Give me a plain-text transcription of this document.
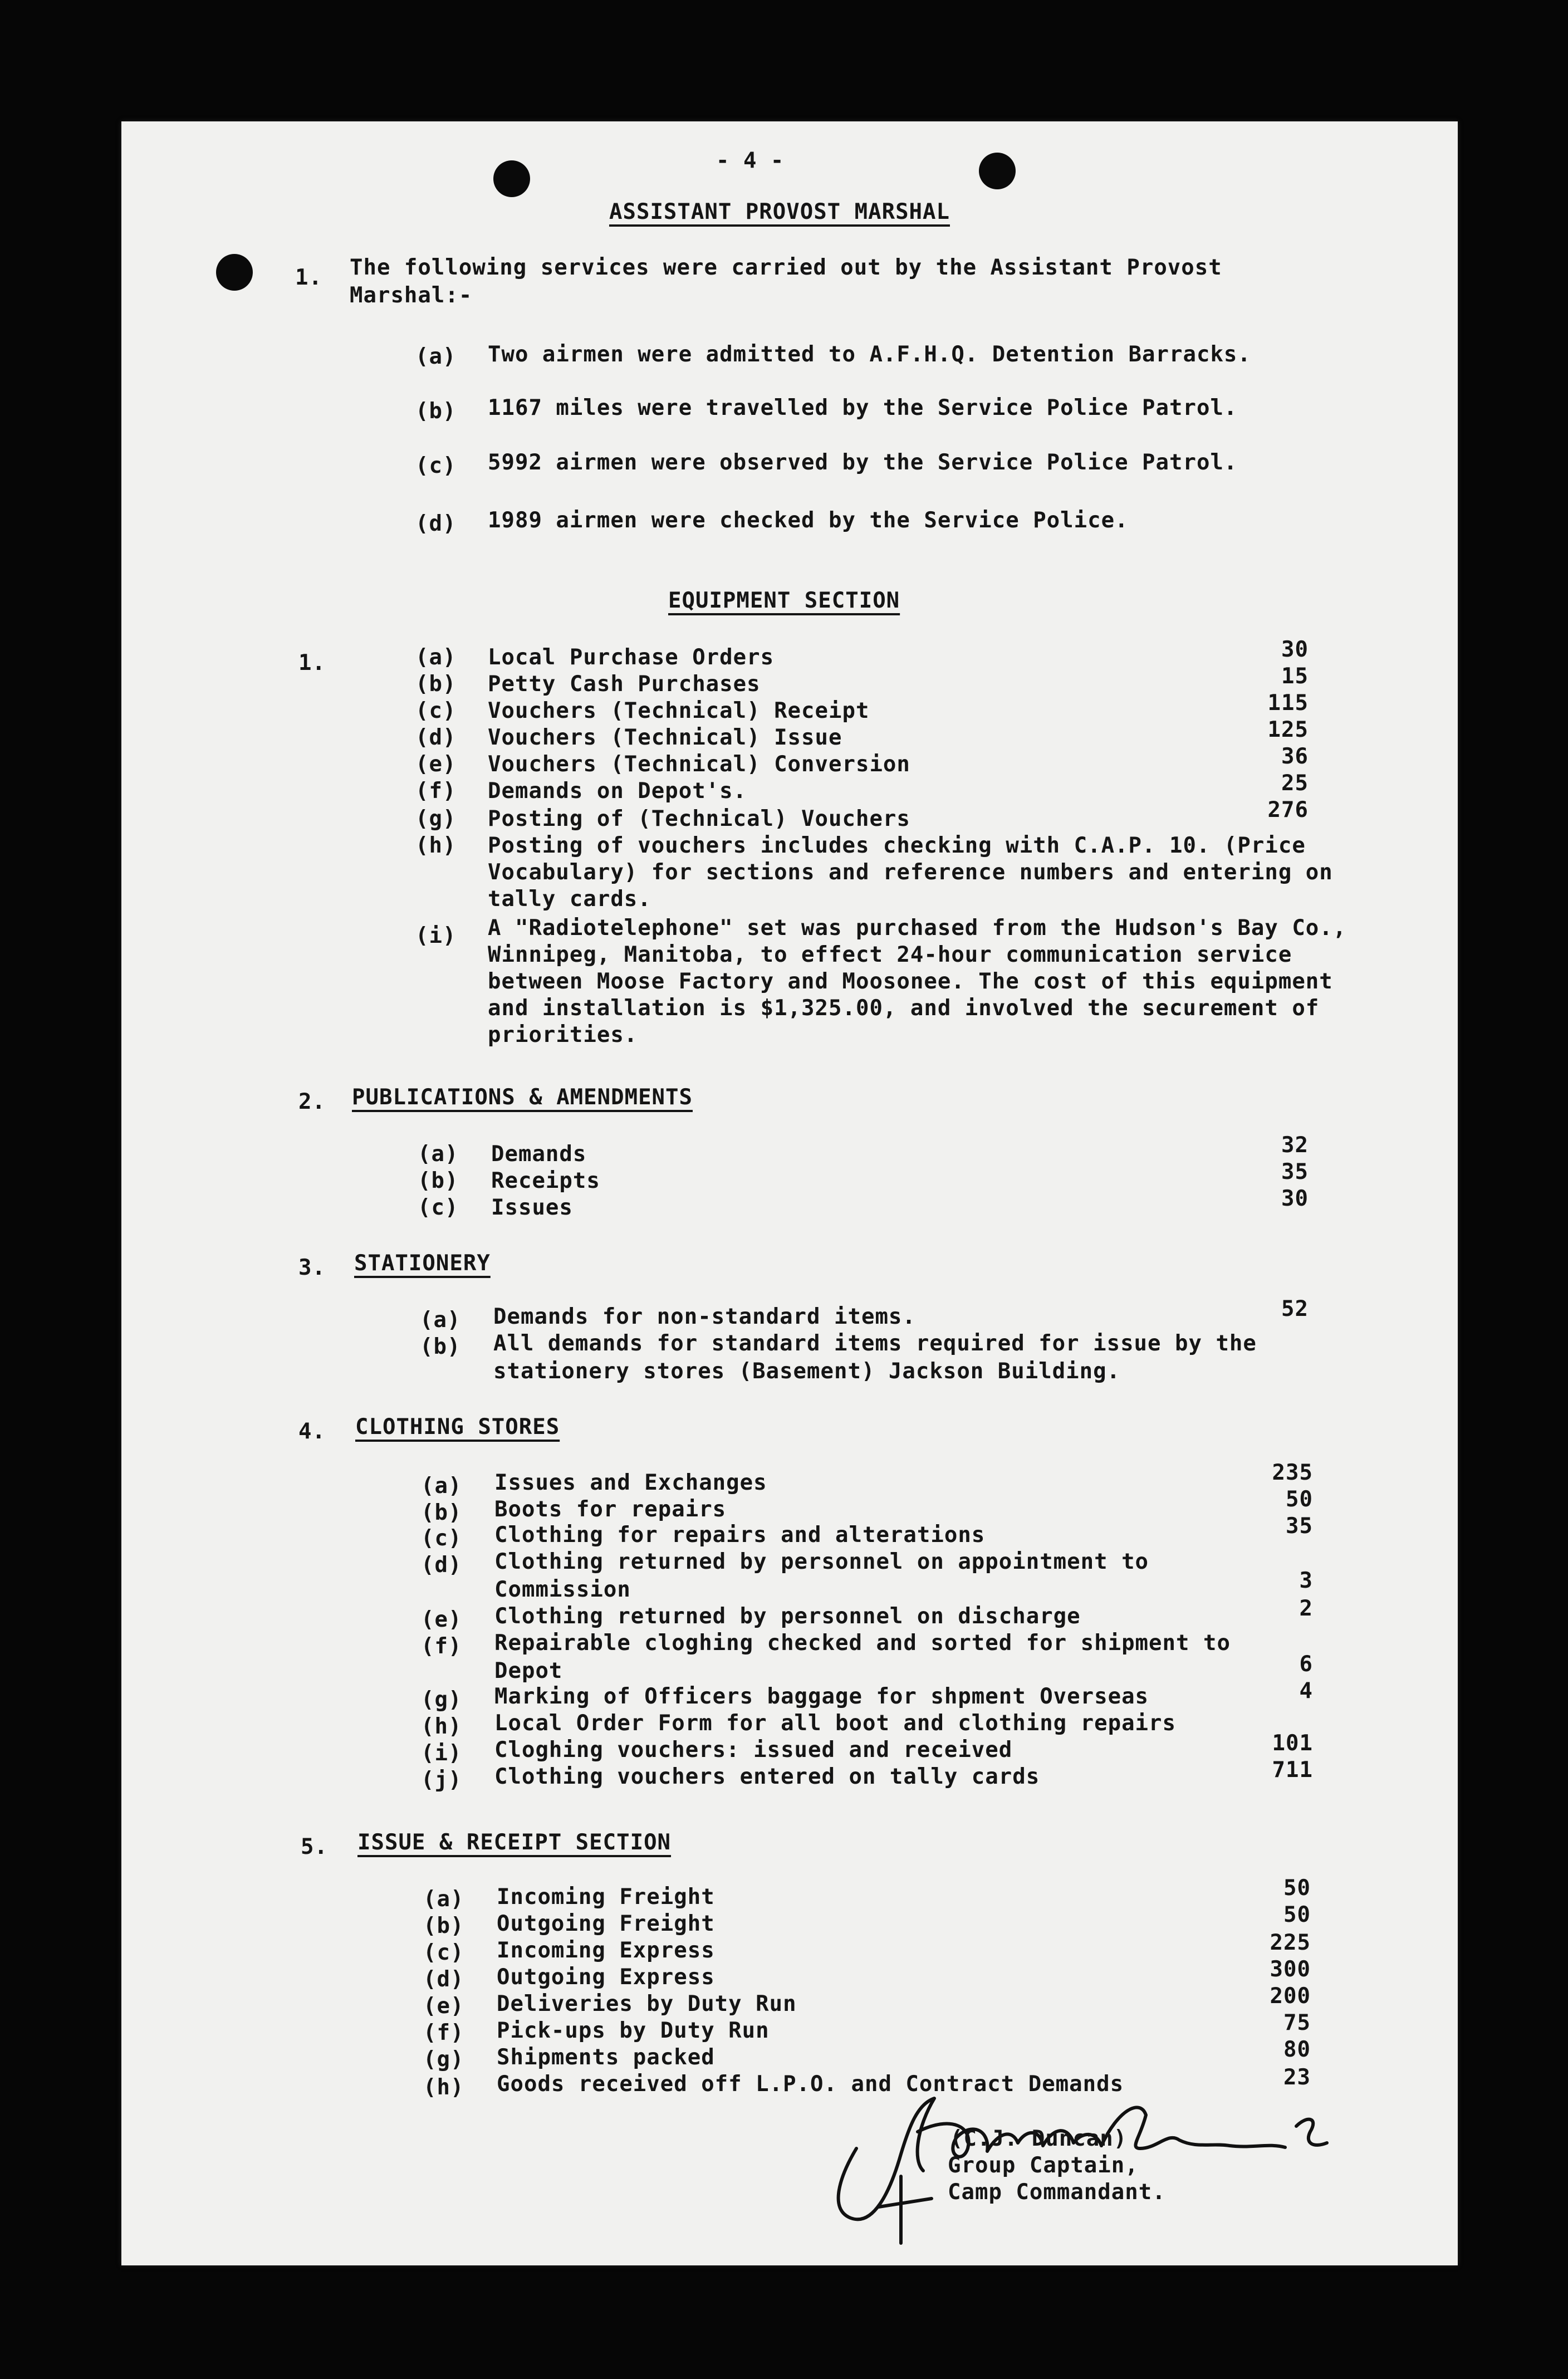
- 4 -
ASSISTANT PROVOST MARSHAL
1. The following services were carried out by the Assistant Provost
Marshal:-
(a) Two airmen were admitted to A.F.H.Q. Detention Barracks.
(b) 1167 miles were travelled by the Service Police Patrol.
(c) 5992 airmen were observed by the Service Police Patrol.
(d) 1989 airmen were checked by the Service Police.
EQUIPMENT SECTION
1.	(a) Local Purchase Orders	30
(b) Petty Cash Purchases	15
(c) Vouchers (Technical) Receipt	115
(d) Vouchers (Technical) Issue	125
(e) Vouchers (Technical) Conversion	36
(f) Demands on Depot's.	25
(g) Posting of (Technical) Vouchers	276
(h) Posting of vouchers includes checking with C.A.P. 10. (Price
Vocabulary) for sections and reference numbers and entering on
tally cards.
(i) A "Radiotelephone" set was purchased from the Hudson's Bay Co.,
Winnipeg, Manitoba, to effect 24-hour communication service
between Moose Factory and Moosonee. The cost of this equipment
and installation is $1,325.00, and involved the securement of
priorities.
2. PUBLICATIONS & AMENDMENTS
(a) Demands	32
(b) Receipts	35
(c) Issues	30
3. STATIONERY
(a) Demands for non-standard items.	52
(b) All demands for standard items required for issue by the
stationery stores (Basement) Jackson Building.
4. CLOTHING STORES
(a) Issues and Exchanges	235
(b) Boots for repairs	50
(c) Clothing for repairs and alterations	35
(d) Clothing returned by personnel on appointment to
Commission	3
(e) Clothing returned by personnel on discharge	2
(f) Repairable cloghing checked and sorted for shipment to
Depot	6
(g) Marking of Officers baggage for shpment Overseas	4
(h) Local Order Form for all boot and clothing repairs
(i) Cloghing vouchers: issued and received	101
(j) Clothing vouchers entered on tally cards	711
5. ISSUE & RECEIPT SECTION
(a) Incoming Freight	50
(b) Outgoing Freight	50
(c) Incoming Express	225
(d) Outgoing Express	300
(e) Deliveries by Duty Run	200
(f) Pick-ups by Duty Run	75
(g) Shipments packed	80
(h) Goods received off L.P.O. and Contract Demands	23
(C.J. Duncan)
Group Captain,
Camp Commandant.
